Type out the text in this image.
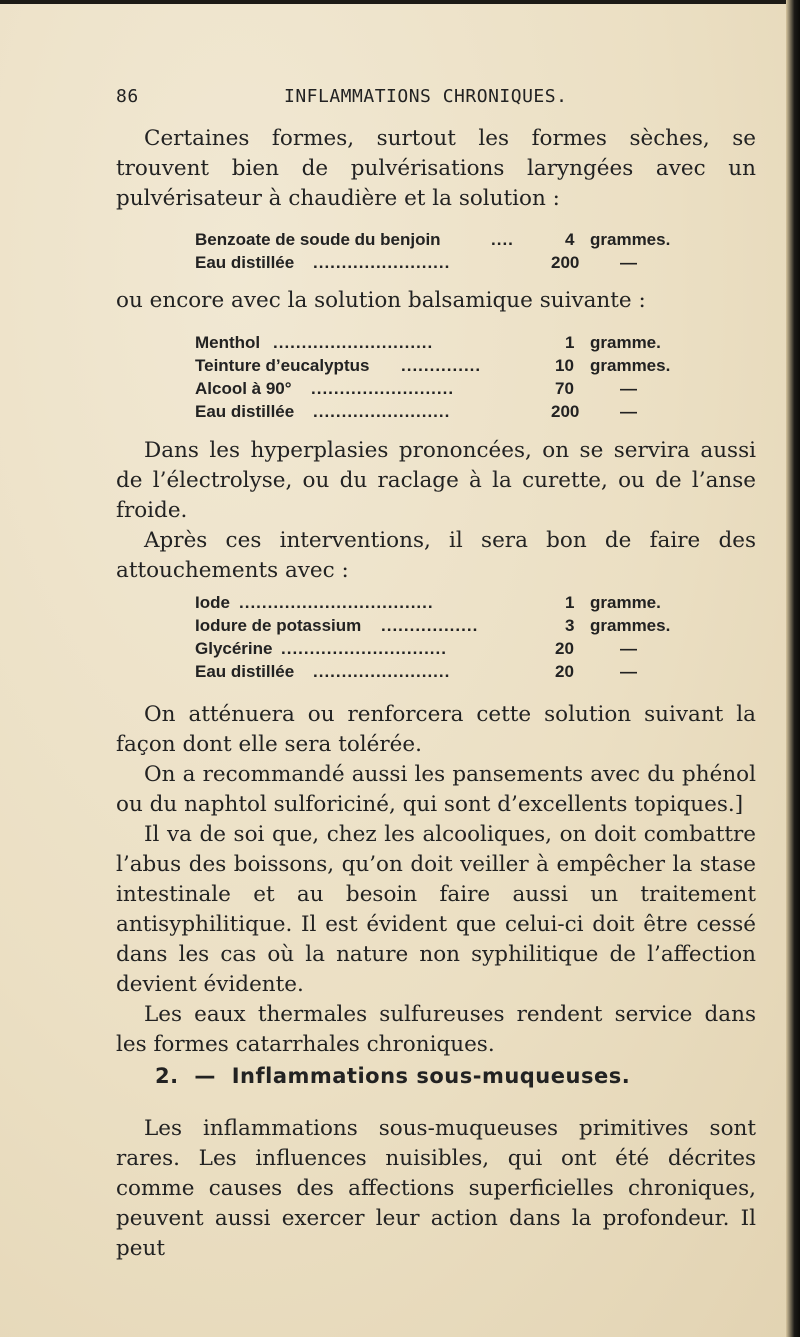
86	INFLAMMATIONS CHRONIQUES.

Certaines formes, surtout les formes sèches, se trouvent bien de pulvérisations laryngées avec un pulvérisateur à chaudière et la solution :

Benzoate de soude du benjoin	....	4 grammes.
Eau distillée ........................	200 —

ou encore avec la solution balsamique suivante :

Menthol ............................	1 gramme.
Teinture d’eucalyptus ..............	10 grammes.
Alcool à 90° .........................	70	—
Eau distillée ........................	200 —

Dans les hyperplasies prononcées, on se servira aussi de l’électrolyse, ou du raclage à la curette, ou de l’anse froide.

Après ces interventions, il sera bon de faire des attouchements avec :

Iode ..................................	1 gramme.
Iodure de potassium .................	3 grammes.
Glycérine .............................	20	—
Eau distillée ........................	20	—

On atténuera ou renforcera cette solution suivant la façon dont elle sera tolérée.

On a recommandé aussi les pansements avec du phénol ou du naphtol sulforiciné, qui sont d’excellents topiques.]

Il va de soi que, chez les alcooliques, on doit combattre l’abus des boissons, qu’on doit veiller à empêcher la stase intestinale et au besoin faire aussi un traitement antisyphilitique. Il est évident que celui-ci doit être cessé dans les cas où la nature non syphilitique de l’affection devient évidente.

Les eaux thermales sulfureuses rendent service dans les formes catarrhales chroniques.

2. — Inflammations sous-muqueuses.

Les inflammations sous-muqueuses primitives sont rares. Les influences nuisibles, qui ont été décrites comme causes des affections superficielles chroniques, peuvent aussi exercer leur action dans la profondeur. Il peut
